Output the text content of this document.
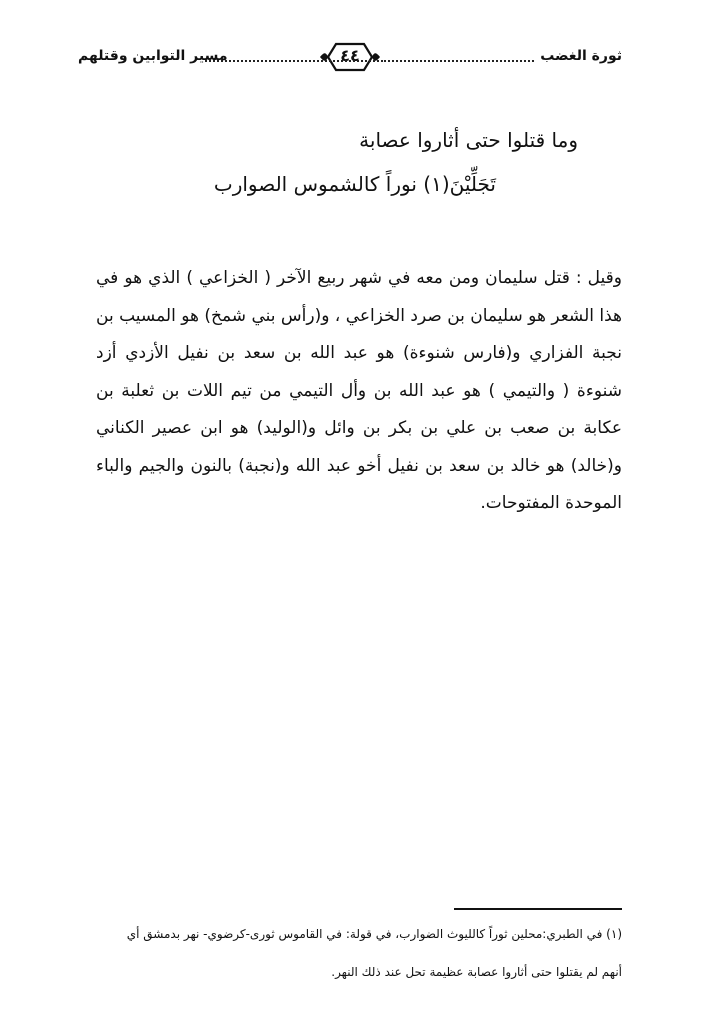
ثورة الغضب
٤٤
مسير التوابين وقتلهم
وما قتلوا حتى أثاروا عصابة
تَجَلِّيْنَ(١) نوراً كالشموس الصوارب

وقيل : قتل سليمان ومن معه في شهر ربيع الآخر ( الخزاعي ) الذي هو في هذا الشعر هو سليمان بن صرد الخزاعي ، و(رأس بني شمخ) هو المسيب بن نجبة الفزاري و(فارس شنوءة) هو عبد الله بن سعد بن نفيل الأزدي أزد شنوءة ( والتيمي ) هو عبد الله بن وأل التيمي من تيم اللات بن ثعلبة بن عكابة بن صعب بن علي بن بكر بن وائل و(الوليد) هو ابن عصير الكناني و(خالد) هو خالد بن سعد بن نفيل أخو عبد الله و(نجبة) بالنون والجيم والباء الموحدة المفتوحات.

(١) في الطبري:محلين ثوراً كالليوث الضوارب، في قولة: في القاموس ثورى-كرضوي- نهر بدمشق أي
أنهم لم يقتلوا حتى أثاروا عصابة عظيمة تحل عند ذلك النهر.
